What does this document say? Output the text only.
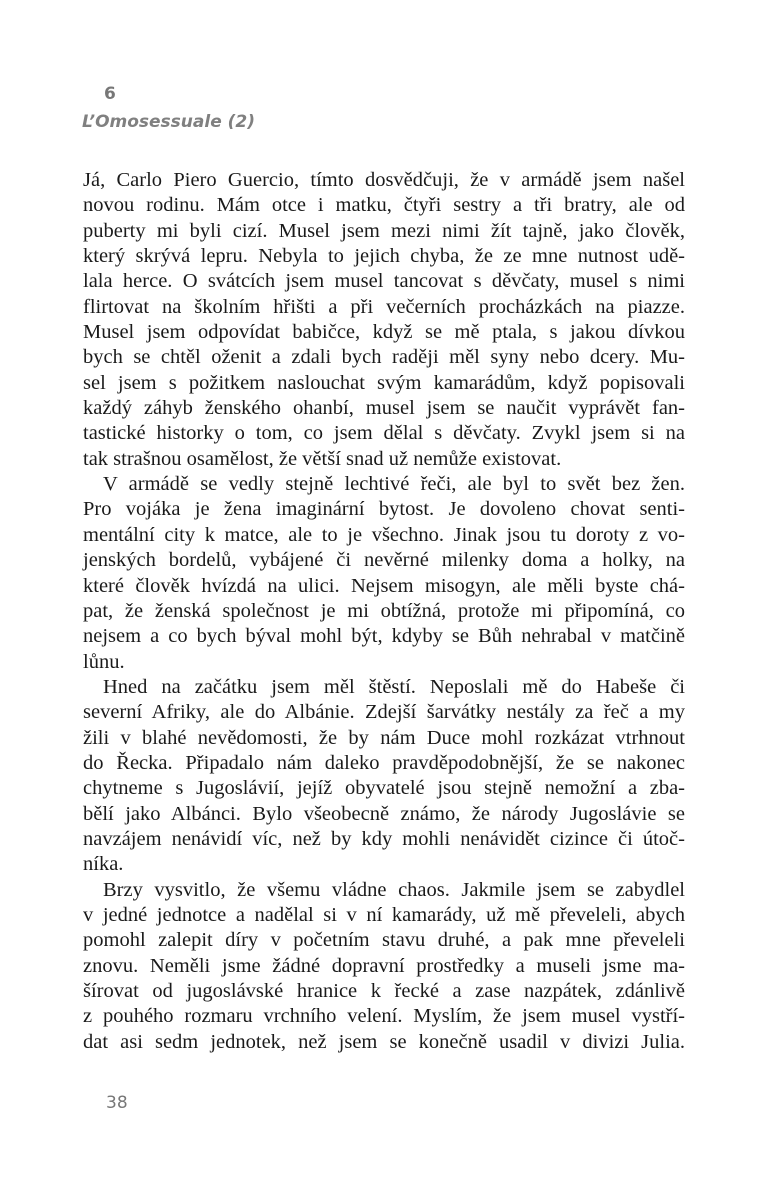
6
L’Omosessuale (2)
Já, Carlo Piero Guercio, tímto dosvědčuji, že v armádě jsem našel
novou rodinu. Mám otce i matku, čtyři sestry a tři bratry, ale od
puberty mi byli cizí. Musel jsem mezi nimi žít tajně, jako člověk,
který skrývá lepru. Nebyla to jejich chyba, že ze mne nutnost udě-
lala herce. O svátcích jsem musel tancovat s děvčaty, musel s nimi
flirtovat na školním hřišti a při večerních procházkách na piazze.
Musel jsem odpovídat babičce, když se mě ptala, s jakou dívkou
bych se chtěl oženit a zdali bych raději měl syny nebo dcery. Mu-
sel jsem s požitkem naslouchat svým kamarádům, když popisovali
každý záhyb ženského ohanbí, musel jsem se naučit vyprávět fan-
tastické historky o tom, co jsem dělal s děvčaty. Zvykl jsem si na
tak strašnou osamělost, že větší snad už nemůže existovat.
V armádě se vedly stejně lechtivé řeči, ale byl to svět bez žen.
Pro vojáka je žena imaginární bytost. Je dovoleno chovat senti-
mentální city k matce, ale to je všechno. Jinak jsou tu doroty z vo-
jenských bordelů, vybájené či nevěrné milenky doma a holky, na
které člověk hvízdá na ulici. Nejsem misogyn, ale měli byste chá-
pat, že ženská společnost je mi obtížná, protože mi připomíná, co
nejsem a co bych býval mohl být, kdyby se Bůh nehrabal v matčině
lůnu.
Hned na začátku jsem měl štěstí. Neposlali mě do Habeše či
severní Afriky, ale do Albánie. Zdejší šarvátky nestály za řeč a my
žili v blahé nevědomosti, že by nám Duce mohl rozkázat vtrhnout
do Řecka. Připadalo nám daleko pravděpodobnější, že se nakonec
chytneme s Jugoslávií, jejíž obyvatelé jsou stejně nemožní a zba-
bělí jako Albánci. Bylo všeobecně známo, že národy Jugoslávie se
navzájem nenávidí víc, než by kdy mohli nenávidět cizince či útoč-
níka.
Brzy vysvitlo, že všemu vládne chaos. Jakmile jsem se zabydlel
v jedné jednotce a nadělal si v ní kamarády, už mě převeleli, abych
pomohl zalepit díry v početním stavu druhé, a pak mne převeleli
znovu. Neměli jsme žádné dopravní prostředky a museli jsme ma-
šírovat od jugoslávské hranice k řecké a zase nazpátek, zdánlivě
z pouhého rozmaru vrchního velení. Myslím, že jsem musel vystří-
dat asi sedm jednotek, než jsem se konečně usadil v divizi Julia.
38
